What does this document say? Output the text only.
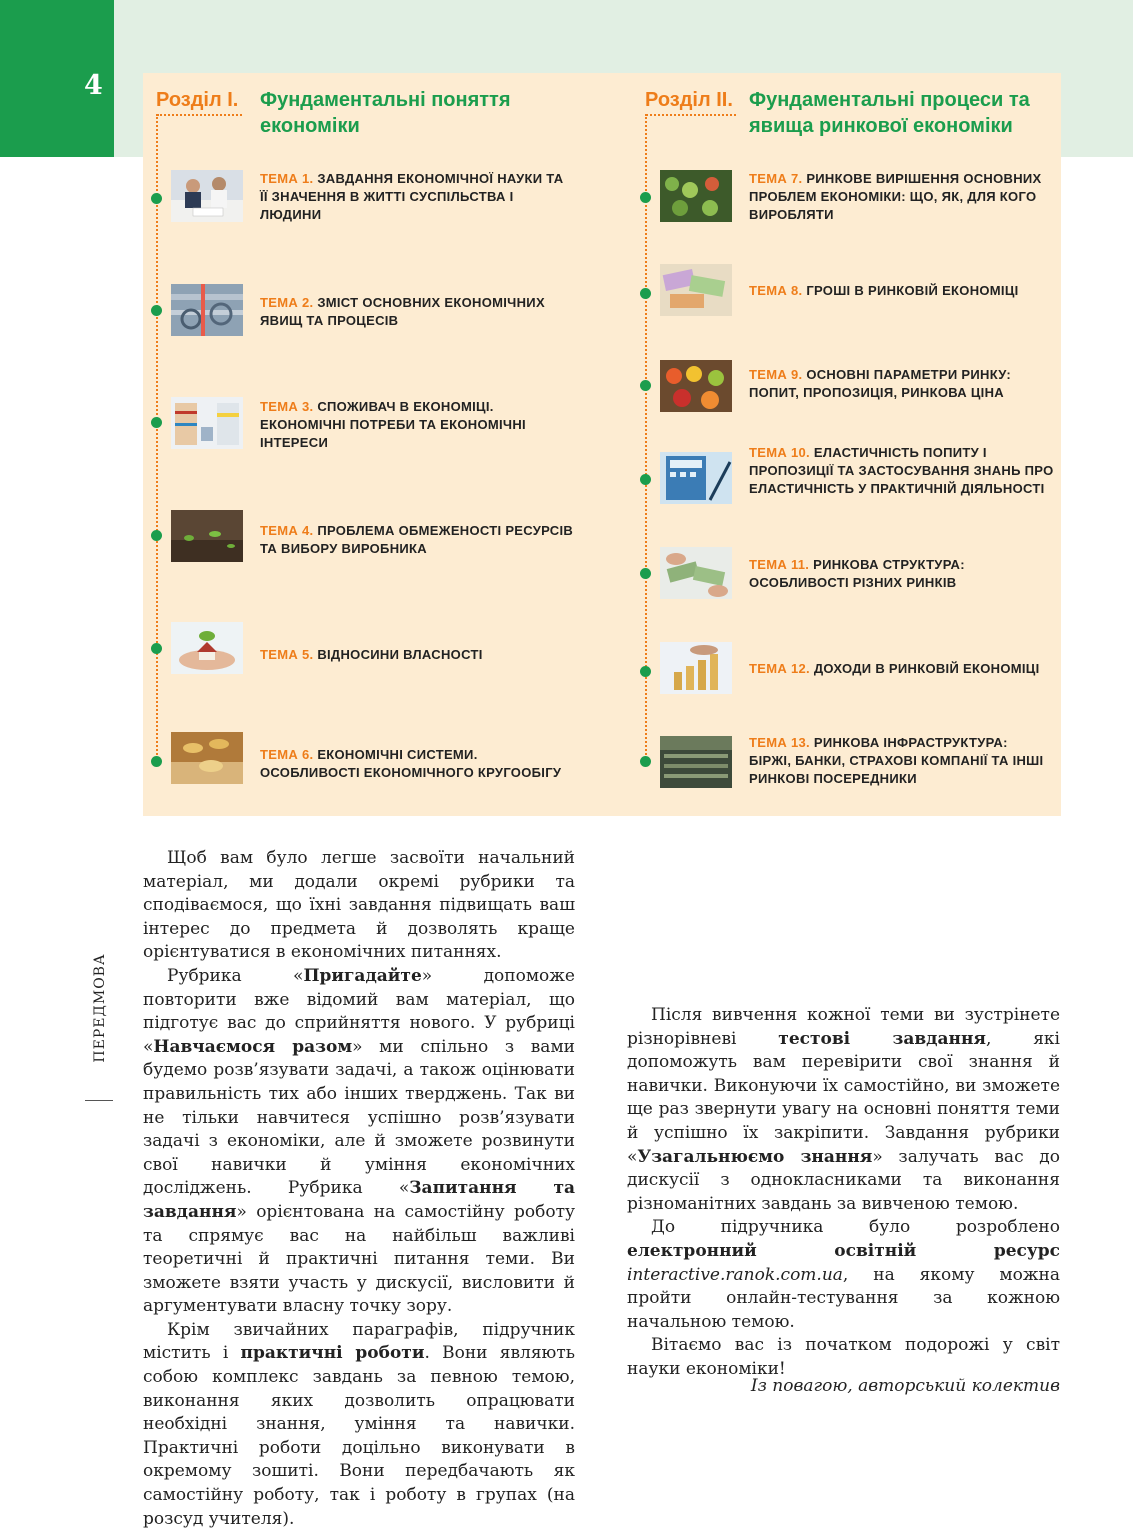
4	Розділ I.	Фундаментальні поняття економіки
Розділ II. Фундаментальні процеси та явища ринкової економіки
ТЕМА 1. ЗАВДАННЯ ЕКОНОМІЧНОЇ НАУКИ ТА ЇЇ ЗНАЧЕННЯ В ЖИТТІ СУСПІЛЬСТВА І ЛЮДИНИ
ТЕМА 2. ЗМІСТ ОСНОВНИХ ЕКОНОМІЧНИХ ЯВИЩ ТА ПРОЦЕСІВ
ТЕМА 3. СПОЖИВАЧ В ЕКОНОМІЦІ. ЕКОНОМІЧНІ ПОТРЕБИ ТА ЕКОНОМІЧНІ ІНТЕРЕСИ
ТЕМА 4. ПРОБЛЕМА ОБМЕЖЕНОСТІ РЕСУРСІВ ТА ВИБОРУ ВИРОБНИКА
ТЕМА 5. ВІДНОСИНИ ВЛАСНОСТІ
ТЕМА 6. ЕКОНОМІЧНІ СИСТЕМИ. ОСОБЛИВОСТІ ЕКОНОМІЧНОГО КРУГООБІГУ
ТЕМА 7. РИНКОВЕ ВИРІШЕННЯ ОСНОВНИХ ПРОБЛЕМ ЕКОНОМІКИ: ЩО, ЯК, ДЛЯ КОГО ВИРОБЛЯТИ
ТЕМА 8. ГРОШІ В РИНКОВІЙ ЕКОНОМІЦІ
ТЕМА 9. ОСНОВНІ ПАРАМЕТРИ РИНКУ: ПОПИТ, ПРОПОЗИЦІЯ, РИНКОВА ЦІНА
ТЕМА 10. ЕЛАСТИЧНІСТЬ ПОПИТУ І ПРОПОЗИЦІЇ ТА ЗАСТОСУВАННЯ ЗНАНЬ ПРО ЕЛАСТИЧНІСТЬ У ПРАКТИЧНІЙ ДІЯЛЬНОСТІ
ТЕМА 11. РИНКОВА СТРУКТУРА: ОСОБЛИВОСТІ РІЗНИХ РИНКІВ
ТЕМА 12. ДОХОДИ В РИНКОВІЙ ЕКОНОМІЦІ
ТЕМА 13. РИНКОВА ІНФРАСТРУКТУРА: БІРЖІ, БАНКИ, СТРАХОВІ КОМПАНІЇ ТА ІНШІ РИНКОВІ ПОСЕРЕДНИКИ
ПЕРЕДМОВА

Щоб вам було легше засвоїти начальний матеріал, ми додали окремі рубрики та сподіваємося, що їхні завдання підвищать ваш інтерес до предмета й дозволять краще орієнтуватися в економічних питаннях.

Рубрика «Пригадайте» допоможе повторити вже відомий вам матеріал, що підготує вас до сприйняття нового. У рубриці «Навчаємося разом» ми спільно з вами будемо розв’язувати задачі, а також оцінювати правильність тих або інших тверджень. Так ви не тільки навчитеся успішно розв’язувати задачі з економіки, але й зможете розвинути свої навички й уміння економічних досліджень. Рубрика «Запитання та завдання» орієнтована на самостійну роботу та спрямує вас на найбільш важливі теоретичні й практичні питання теми. Ви зможете взяти участь у дискусії, висловити й аргументувати власну точку зору.

Крім звичайних параграфів, підручник містить і практичні роботи. Вони являють собою комплекс завдань за певною темою, виконання яких дозволить опрацювати необхідні знання, уміння та навички. Практичні роботи доцільно виконувати в окремому зошиті. Вони передбачають як самостійну роботу, так і роботу в групах (на розсуд учителя).

Після вивчення кожної теми ви зустрінете різнорівневі тестові завдання, які допоможуть вам перевірити свої знання й навички. Виконуючи їх самостійно, ви зможете ще раз звернути увагу на основні поняття теми й успішно їх закріпити. Завдання рубрики «Узагальнюємо знання» залучать вас до дискусії з однокласниками та виконання різноманітних завдань за вивченою темою.

До підручника було розроблено електронний освітній ресурс interactive.ranok.com.ua, на якому можна пройти онлайн-тестування за кожною начальною темою.

Вітаємо вас із початком подорожі у світ науки економіки!

Із повагою, авторський колектив
